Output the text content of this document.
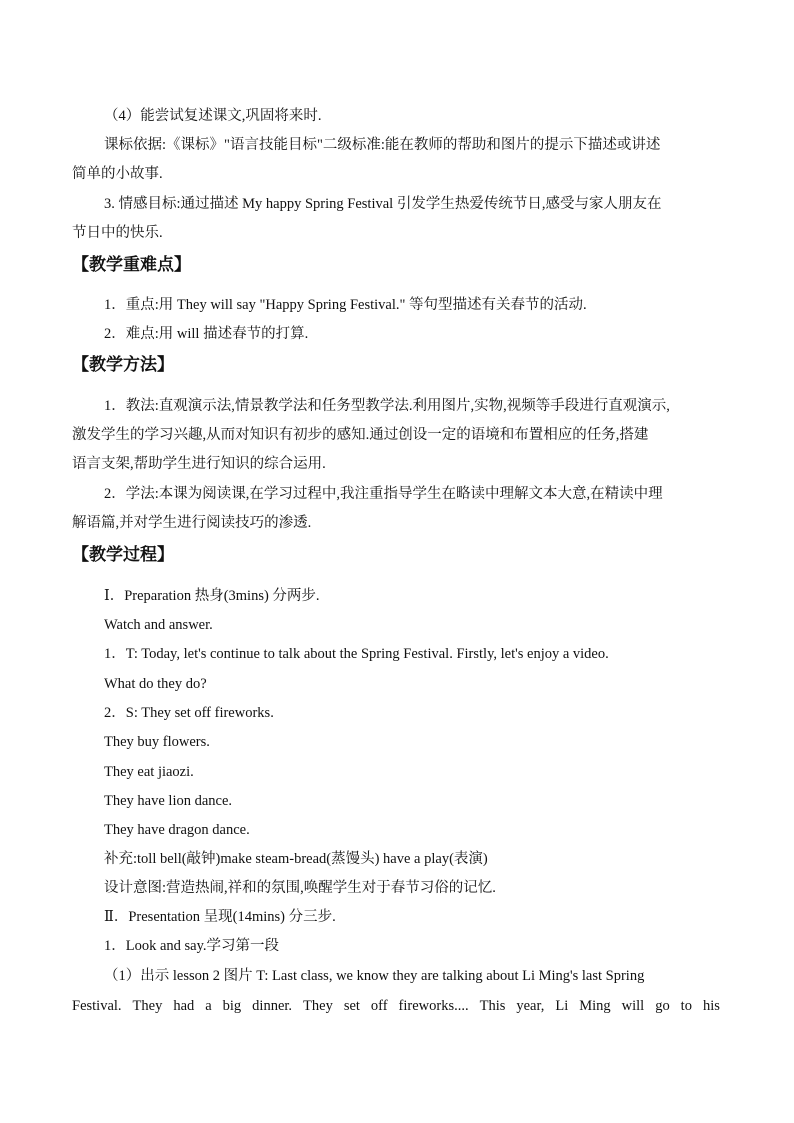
（4）能尝试复述课文,巩固将来时.
课标依据:《课标》"语言技能目标"二级标准:能在教师的帮助和图片的提示下描述或讲述
简单的小故事.
3. 情感目标:通过描述 My happy Spring Festival 引发学生热爱传统节日,感受与家人朋友在
节日中的快乐.
【教学重难点】
1．重点:用 They will say "Happy Spring Festival." 等句型描述有关春节的活动.
2．难点:用 will 描述春节的打算.
【教学方法】
1．教法:直观演示法,情景教学法和任务型教学法.利用图片,实物,视频等手段进行直观演示,
激发学生的学习兴趣,从而对知识有初步的感知.通过创设一定的语境和布置相应的任务,搭建
语言支架,帮助学生进行知识的综合运用.
2．学法:本课为阅读课,在学习过程中,我注重指导学生在略读中理解文本大意,在精读中理
解语篇,并对学生进行阅读技巧的渗透.
【教学过程】
Ⅰ．Preparation 热身(3mins) 分两步.
Watch and answer.
1．T: Today, let's continue to talk about the Spring Festival. Firstly, let's enjoy a video.
What do they do?
2．S: They set off fireworks.
They buy flowers.
They eat jiaozi.
They have lion dance.
They have dragon dance.
补充:toll bell(敲钟)make steam-bread(蒸馒头) have a play(表演)
设计意图:营造热闹,祥和的氛围,唤醒学生对于春节习俗的记忆.
Ⅱ．Presentation 呈现(14mins) 分三步.
1．Look and say.学习第一段
（1）出示 lesson 2 图片 T: Last class, we know they are talking about Li Ming's last Spring
Festival. They had a big dinner. They set off fireworks.... This year, Li Ming will go to his
